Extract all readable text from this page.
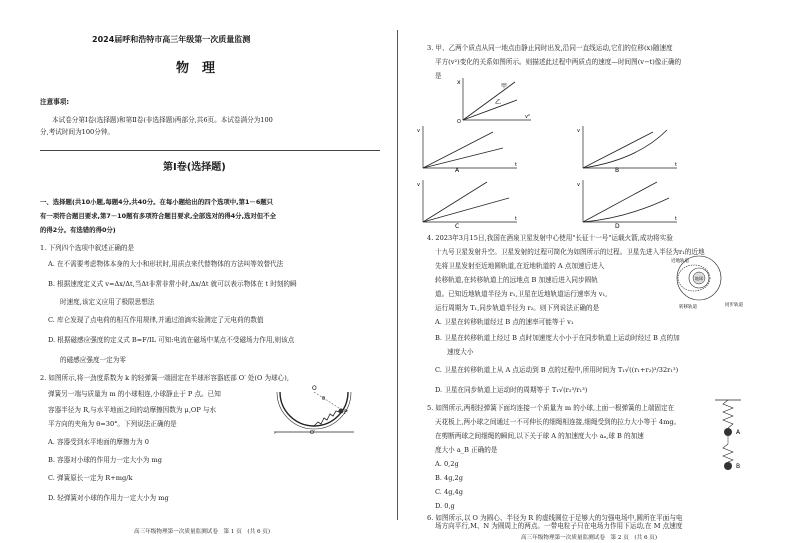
2024届呼和浩特市高三年级第一次质量监测
物　理
注意事项:
本试卷分第Ⅰ卷(选择题)和第Ⅱ卷(非选择题)两部分,共6页。本试卷满分为100
分,考试时间为100分钟。
第Ⅰ卷(选择题)
一、选择题(共10小题,每题4分,共40分。在每小题给出的四个选项中,第1－6题只
有一项符合题目要求,第7－10题有多项符合题目要求,全部选对的得4分,选对但不全
的得2分。有选错的得0分)
1. 下列四个选项中叙述正确的是
A. 在不需要考虑物体本身的大小和形状时,用质点来代替物体的方法叫等效替代法
B. 根据速度定义式 v=Δx/Δt,当Δt非常非常小时,Δx/Δt 就可以表示物体在 t 时刻的瞬
时速度,该定义应用了极限思想法
C. 库仑发现了点电荷的相互作用规律,并通过油滴实验测定了元电荷的数值
D. 根据磁感应强度的定义式 B=F/IL 可知:电流在磁场中某点不受磁场力作用,则该点
的磁感应强度一定为零
2. 如图所示,将一劲度系数为 k 的轻弹簧一端固定在半球形容器底部 O′ 处(O 为球心),
弹簧另一端与质量为 m 的小球相连,小球静止于 P 点。已知
容器半径为 R,与水平地面之间的动摩擦因数为 μ,OP 与水
平方向的夹角为 θ=30°。下列说法正确的是
A. 容器受到水平地面的摩擦力为 0
B. 容器对小球的作用力一定大小为 mg
C. 弹簧原长一定为 R+mg/k
D. 轻弹簧对小球的作用力一定大小为 mg
O
O′
P
θ
高三年级物理第一次质量监测试卷　第 1 页　(共 6 页)
3. 甲、乙两个质点从同一地点由静止同时出发,沿同一直线运动,它们的位移(x)随速度
平方(v²)变化的关系如图所示。则描述此过程中两质点的速度—时间图(v−t)像正确的
是
x
v²
O
甲
乙
v
t
A
v
t
B
v
t
C
v
t
D
4. 2023年3月15日,我国在酒泉卫星发射中心使用"长征十一号"运载火箭,成功将实验
十九号卫星发射升空。卫星发射的过程可简化为如图所示的过程。卫星先进入半径为r₁的近地
先将卫星发射至近地圆轨道,在近地轨道的 A 点加速后进入
转移轨道,在转移轨道上的远地点 B 加速后进入同步圆轨
道。已知近地轨道半径为 r₁,卫星在近地轨道运行速率为 v₁,
运行周期为 T₁,同步轨道半径为 r₂。则下列说法正确的是
A. 卫星在转移轨道经过 B 点的速率可能等于 v₁
B. 卫星在转移轨道上经过 B 点时加速度大小小于在同步轨道上运动时经过 B 点的加
速度大小
C. 卫星在转移轨道上从 A 点运动到 B 点的过程中,所用时间为 T₁√((r₁+r₂)³/32r₁³)
D. 卫星在同步轨道上运动时的周期等于 T₁√(r₂³/r₁³)
地球
近地轨道
转移轨道	同步轨道
5. 如图所示,两根轻弹簧下面均连接一个质量为 m 的小球,上面一根弹簧的上端固定在
天花板上,两小球之间通过一不可伸长的细绳相连接,细绳受到的拉力大小等于 4mg。
在剪断两球之间细绳的瞬间,以下关于球 A 的加速度大小 aₐ,球 B 的加速
度大小 a_B 正确的是
A. 0,2g
B. 4g,2g
C. 4g,4g
D. 0,g
A
B
6. 如图所示,以 O 为圆心、半径为 R 的虚线圆位于足够大的匀强电场中,圆所在平面与电
场方向平行,M、N 为圆周上的两点。一带电粒子只在电场力作用下运动,在 M 点速度
高三年级物理第一次质量监测试卷　第 2 页　(共 6 页)
